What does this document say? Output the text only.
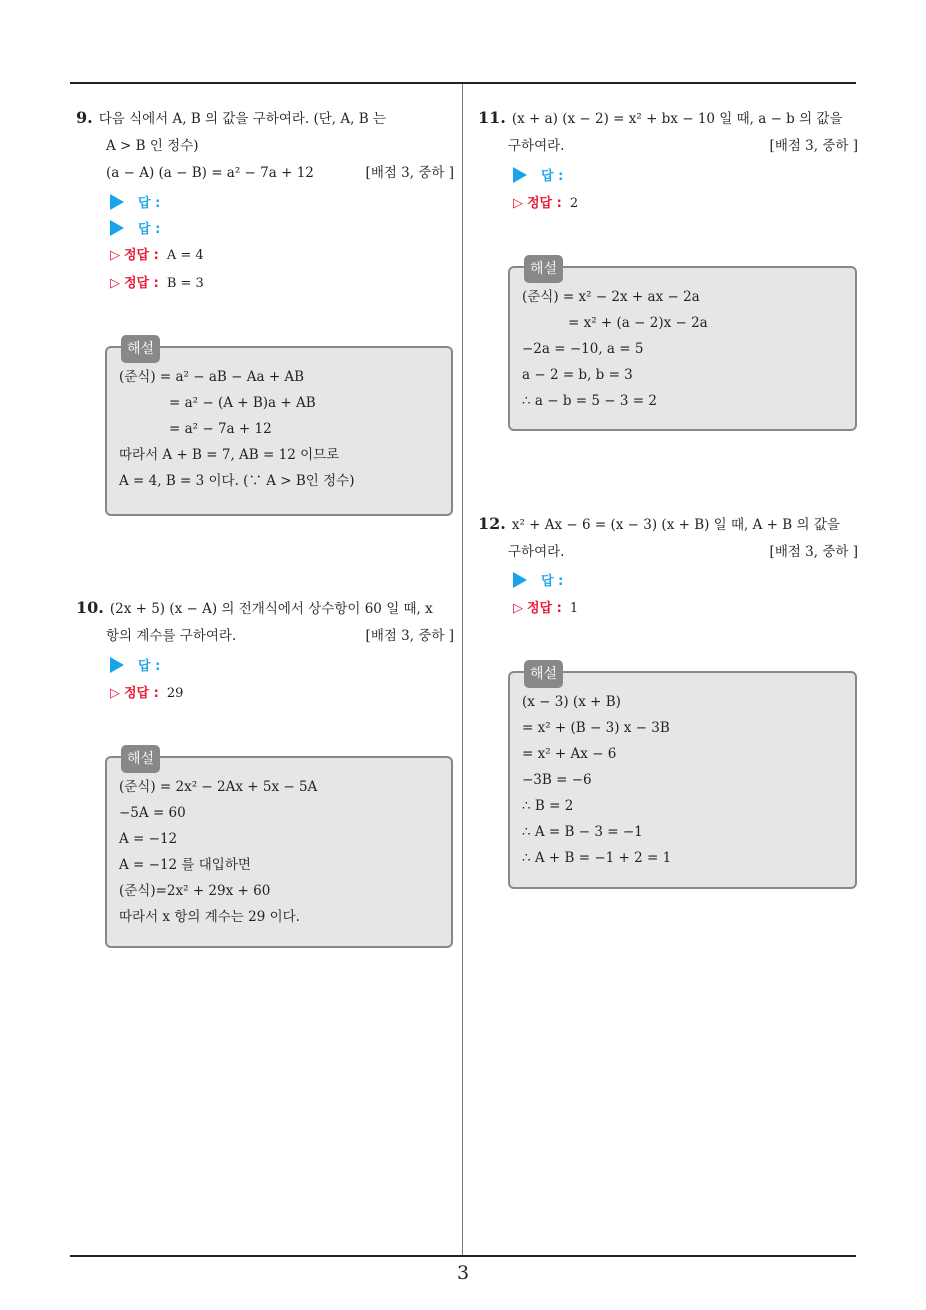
3
9. 다음 식에서 A, B 의 값을 구하여라. (단, A, B 는
A > B 인 정수)
(a − A) (a − B) = a² − 7a + 12	[배점 3, 중하 ]
답 :
답 :
▷ 정답 : A = 4
▷ 정답 : B = 3
해설
(준식) = a² − aB − Aa + AB
= a² − (A + B)a + AB
= a² − 7a + 12
따라서 A + B = 7, AB = 12 이므로
A = 4, B = 3 이다. (∵ A > B인 정수)
10. (2x + 5) (x − A) 의 전개식에서 상수항이 60 일 때, x
항의 계수를 구하여라.	[배점 3, 중하 ]
답 :
▷ 정답 : 29
해설
(준식) = 2x² − 2Ax + 5x − 5A
−5A = 60
A = −12
A = −12 를 대입하면
(준식)=2x² + 29x + 60
따라서 x 항의 계수는 29 이다.
11. (x + a) (x − 2) = x² + bx − 10 일 때, a − b 의 값을
구하여라.	[배점 3, 중하 ]
답 :
▷ 정답 : 2
해설
(준식) = x² − 2x + ax − 2a
= x² + (a − 2)x − 2a
−2a = −10, a = 5
a − 2 = b, b = 3
∴ a − b = 5 − 3 = 2
12. x² + Ax − 6 = (x − 3) (x + B) 일 때, A + B 의 값을
구하여라.	[배점 3, 중하 ]
답 :
▷ 정답 : 1
해설
(x − 3) (x + B)
= x² + (B − 3) x − 3B
= x² + Ax − 6
−3B = −6
∴ B = 2
∴ A = B − 3 = −1
∴ A + B = −1 + 2 = 1
